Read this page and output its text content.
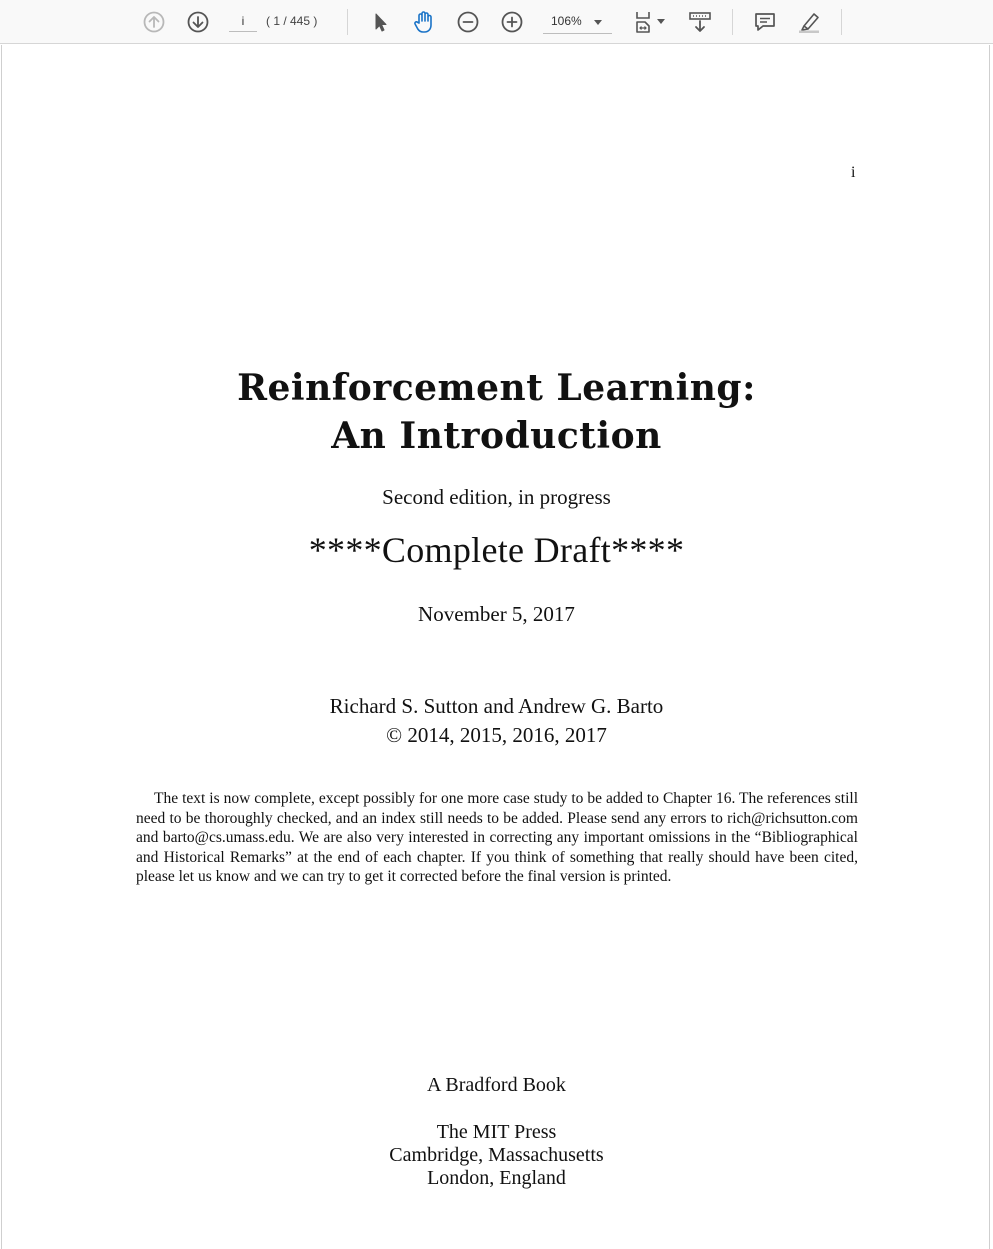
i
( 1 / 445 )	106%
i
Reinforcement Learning:
An Introduction
Second edition, in progress
****Complete Draft****
November 5, 2017
Richard S. Sutton and Andrew G. Barto
© 2014, 2015, 2016, 2017
The text is now complete, except possibly for one more case study to be added to Chapter 16. The references still need to be thoroughly checked, and an index still needs to be added. Please send any errors to rich@richsutton.com and barto@cs.umass.edu. We are also very interested in correcting any important omissions in the “Bibliographical and Historical Remarks” at the end of each chapter. If you think of something that really should have been cited, please let us know and we can try to get it corrected before the final version is printed.
A Bradford Book
The MIT Press
Cambridge, Massachusetts
London, England
